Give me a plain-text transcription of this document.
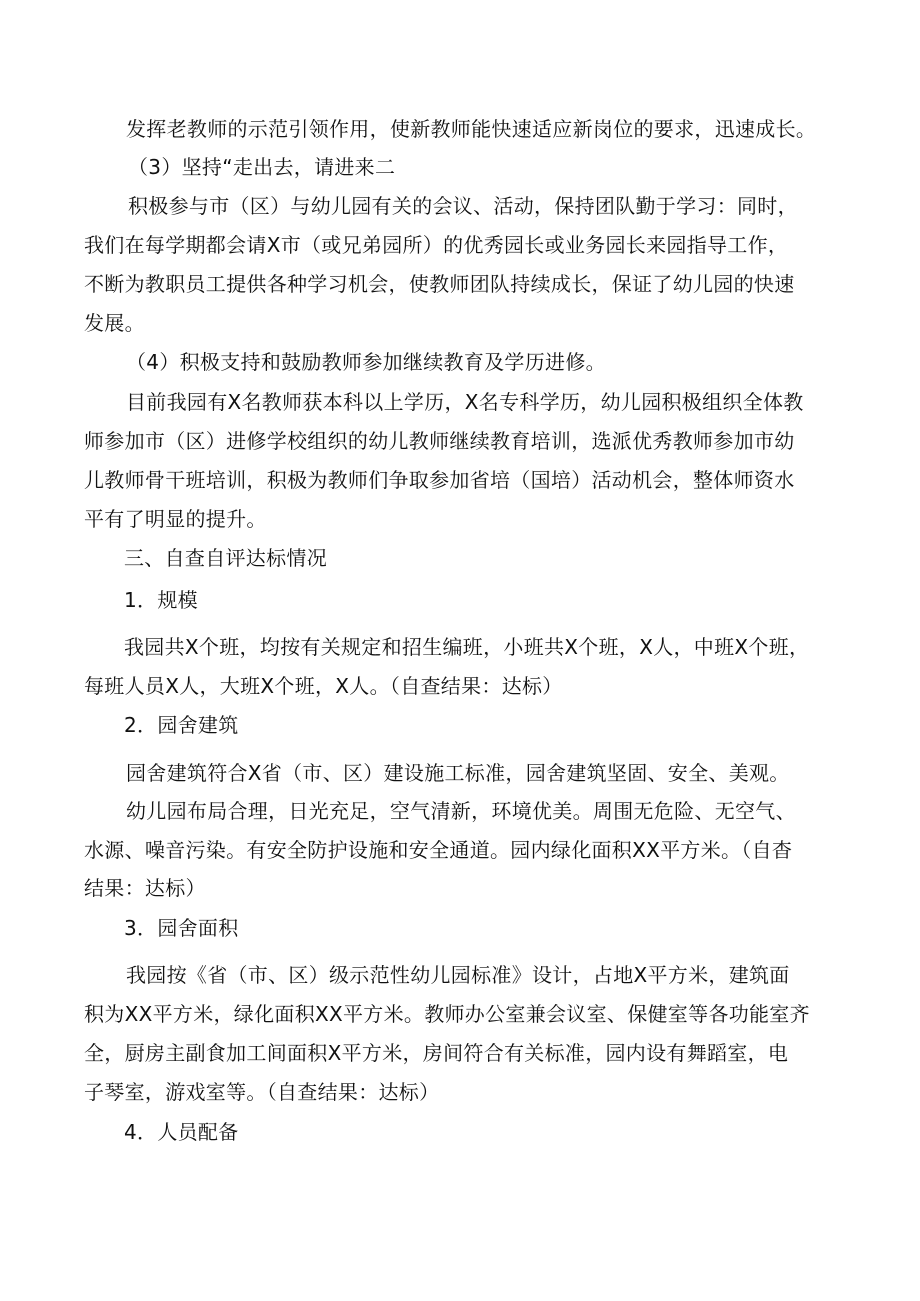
发挥老教师的示范引领作用，使新教师能快速适应新岗位的要求，迅速成长。
（3）坚持“走出去，请进来二
积极参与市（区）与幼儿园有关的会议、活动，保持团队勤于学习：同时，
我们在每学期都会请X市（或兄弟园所）的优秀园长或业务园长来园指导工作，
不断为教职员工提供各种学习机会，使教师团队持续成长，保证了幼儿园的快速
发展。
（4）积极支持和鼓励教师参加继续教育及学历进修。
目前我园有X名教师获本科以上学历，X名专科学历，幼儿园积极组织全体教
师参加市（区）进修学校组织的幼儿教师继续教育培训，选派优秀教师参加市幼
儿教师骨干班培训，积极为教师们争取参加省培（国培）活动机会，整体师资水
平有了明显的提升。
三、自查自评达标情况
1．规模
我园共X个班，均按有关规定和招生编班，小班共X个班，X人，中班X个班，
每班人员X人，大班X个班，X人。（自查结果：达标）
2．园舍建筑
园舍建筑符合X省（市、区）建设施工标准，园舍建筑坚固、安全、美观。
幼儿园布局合理，日光充足，空气清新，环境优美。周围无危险、无空气、
水源、噪音污染。有安全防护设施和安全通道。园内绿化面积XX平方米。（自杳
结果：达标）
3．园舍面积
我园按《省（市、区）级示范性幼儿园标准》设计，占地X平方米，建筑面
积为XX平方米，绿化面积XX平方米。教师办公室兼会议室、保健室等各功能室齐
全，厨房主副食加工间面积X平方米，房间符合有关标准，园内设有舞蹈室，电
子琴室，游戏室等。（自查结果：达标）
4．人员配备
